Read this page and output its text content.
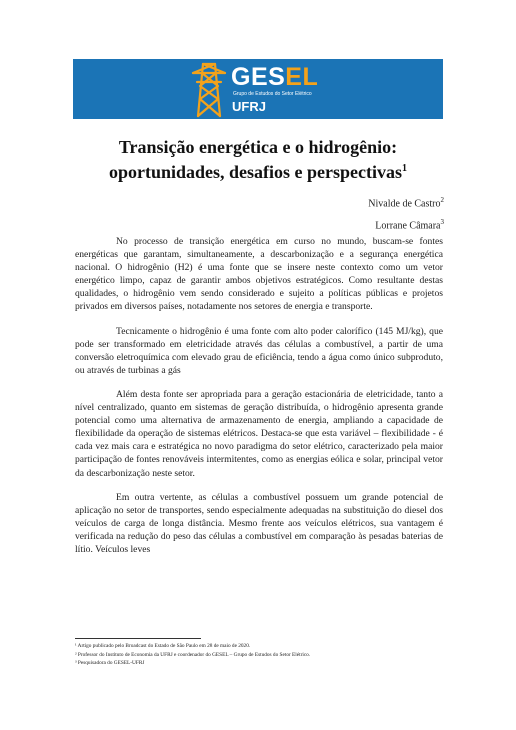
GESEL
Grupo de Estudos do Setor Elétrico
UFRJ
Transição energética e o hidrogênio:
oportunidades, desafios e perspectivas$^1$
Nivalde de Castro$^2$
Lorrane Câmara$^3$

No processo de transição energética em curso no mundo, buscam-se fontes energéticas que garantam, simultaneamente, a descarbonização e a segurança energética nacional. O hidrogênio (H2) é uma fonte que se insere neste contexto como um vetor energético limpo, capaz de garantir ambos objetivos estratégicos. Como resultante destas qualidades, o hidrogênio vem sendo considerado e sujeito a políticas públicas e projetos privados em diversos países, notadamente nos setores de energia e transporte.

Tecnicamente o hidrogênio é uma fonte com alto poder calorífico (145 MJ/kg), que pode ser transformado em eletricidade através das células a combustível, a partir de uma conversão eletroquímica com elevado grau de eficiência, tendo a água como único subproduto, ou através de turbinas a gás

Além desta fonte ser apropriada para a geração estacionária de eletricidade, tanto a nível centralizado, quanto em sistemas de geração distribuída, o hidrogênio apresenta grande potencial como uma alternativa de armazenamento de energia, ampliando a capacidade de flexibilidade da operação de sistemas elétricos. Destaca-se que esta variável – flexibilidade - é cada vez mais cara e estratégica no novo paradigma do setor elétrico, caracterizado pela maior participação de fontes renováveis intermitentes, como as energias eólica e solar, principal vetor da descarbonização neste setor.

Em outra vertente, as células a combustível possuem um grande potencial de aplicação no setor de transportes, sendo especialmente adequadas na substituição do diesel dos veículos de carga de longa distância. Mesmo frente aos veículos elétricos, sua vantagem é verificada na redução do peso das células a combustível em comparação às pesadas baterias de lítio. Veículos leves

¹ Artigo publicado pelo Broadcast do Estado de São Paulo em 28 de maio de 2020.
² Professor do Instituto de Economia da UFRJ e coordenador do GESEL – Grupo de Estudos do Setor Elétrico.
³ Pesquisadora do GESEL-UFRJ
